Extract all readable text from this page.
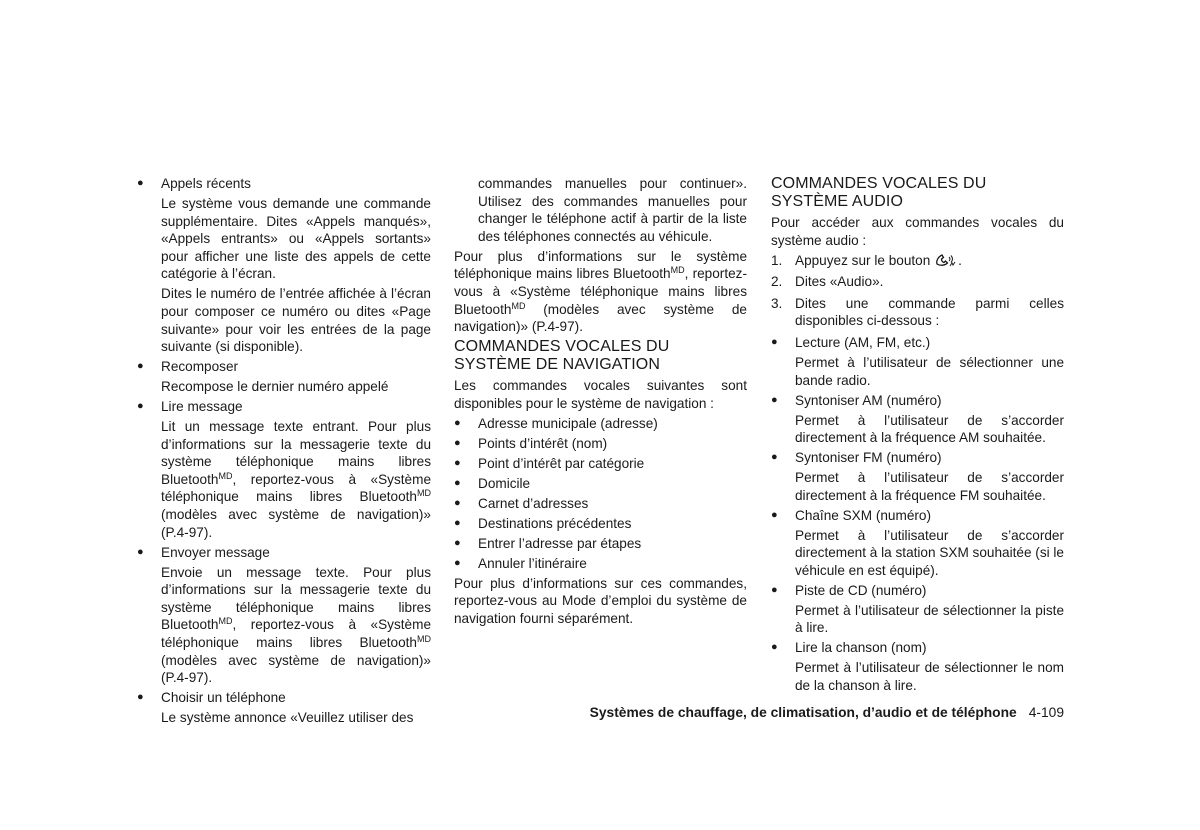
● Appels récents
Le système vous demande une commande supplémentaire. Dites «Appels manqués», «Appels entrants» ou «Appels sortants» pour afficher une liste des appels de cette catégorie à l’écran.
Dites le numéro de l’entrée affichée à l’écran pour composer ce numéro ou dites «Page suivante» pour voir les entrées de la page suivante (si disponible).
● Recomposer
Recompose le dernier numéro appelé
● Lire message
Lit un message texte entrant. Pour plus d’informations sur la messagerie texte du système téléphonique mains libres Bluetooth$^{MD}$, reportez-vous à «Système téléphonique mains libres Bluetooth$^{MD}$ (modèles avec système de navigation)» (P.4-97).
● Envoyer message
Envoie un message texte. Pour plus d’informations sur la messagerie texte du système téléphonique mains libres Bluetooth$^{MD}$, reportez-vous à «Système téléphonique mains libres Bluetooth$^{MD}$ (modèles avec système de navigation)» (P.4-97).
● Choisir un téléphone
Le système annonce «Veuillez utiliser des
commandes manuelles pour continuer». Utilisez des commandes manuelles pour changer le téléphone actif à partir de la liste des téléphones connectés au véhicule.
Pour plus d’informations sur le système téléphonique mains libres Bluetooth$^{MD}$, reportez-vous à «Système téléphonique mains libres Bluetooth$^{MD}$ (modèles avec système de navigation)» (P.4-97).
COMMANDES VOCALES DU SYSTÈME DE NAVIGATION
Les commandes vocales suivantes sont disponibles pour le système de navigation :
● Adresse municipale (adresse)
● Points d’intérêt (nom)
● Point d’intérêt par catégorie
● Domicile
● Carnet d’adresses
● Destinations précédentes
● Entrer l’adresse par étapes
● Annuler l’itinéraire
Pour plus d’informations sur ces commandes, reportez-vous au Mode d’emploi du système de navigation fourni séparément.
COMMANDES VOCALES DU SYSTÈME AUDIO
Pour accéder aux commandes vocales du système audio :
1. Appuyez sur le bouton .
2. Dites «Audio».
3. Dites une commande parmi celles disponibles ci-dessous :
● Lecture (AM, FM, etc.)
Permet à l’utilisateur de sélectionner une bande radio.
● Syntoniser AM (numéro)
Permet à l’utilisateur de s’accorder directement à la fréquence AM souhaitée.
● Syntoniser FM (numéro)
Permet à l’utilisateur de s’accorder directement à la fréquence FM souhaitée.
● Chaîne SXM (numéro)
Permet à l’utilisateur de s’accorder directement à la station SXM souhaitée (si le véhicule en est équipé).
● Piste de CD (numéro)
Permet à l’utilisateur de sélectionner la piste à lire.
● Lire la chanson (nom)
Permet à l’utilisateur de sélectionner le nom de la chanson à lire.
Systèmes de chauffage, de climatisation, d’audio et de téléphone 4-109
